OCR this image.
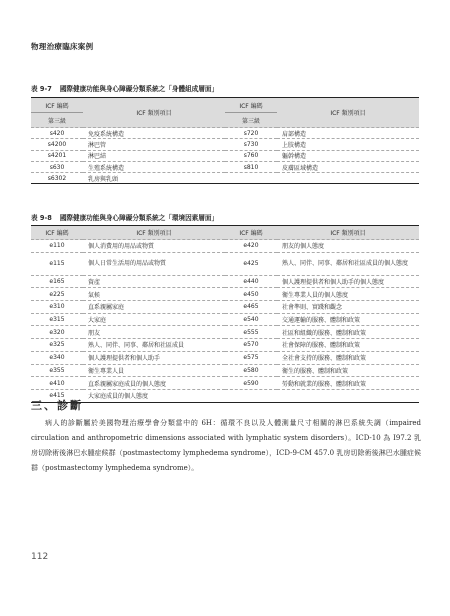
物理治療臨床案例
表 9-7 國際健康功能與身心障礙分類系統之「身體組成層面」
ICF 編碼	ICF 類別項目	ICF 編碼	ICF 類別項目
第三級		第三級	
s420	免疫系統構造	s720	肩部構造
s4200	淋巴管	s730	上肢構造
s4201	淋巴結	s760	軀幹構造
s630	生殖系統構造	s810	皮膚區域構造
s6302	乳房與乳頭		
表 9-8 國際健康功能與身心障礙分類系統之「環境因素層面」
ICF 編碼	ICF 類別項目	ICF 編碼	ICF 類別項目
e110	個人消費用的用品或物質	e420	朋友的個人態度
e115	個人日常生活用的用品或物質	e425	熟人、同伴、同事、鄰居和社區成員的個人態度
e165	資產	e440	個人護理提供者和個人助手的個人態度
e225	氣候	e450	衛生專業人員的個人態度
e310	直系親屬家庭	e465	社會準則、實踐和觀念
e315	大家庭	e540	交通運輸的服務、體制和政策
e320	朋友	e555	社區和組織的服務、體制和政策
e325	熟人、同伴、同事、鄰居和社區成員	e570	社會保障的服務、體制和政策
e340	個人護理提供者和個人助手	e575	全社會支持的服務、體制和政策
e355	衛生專業人員	e580	衛生的服務、體制和政策
e410	直系親屬家庭成員的個人態度	e590	勞動和就業的服務、體制和政策
e415	大家庭成員的個人態度		
三、診斷

病人的診斷屬於美國物理治療學會分類當中的 6H：循環不良以及人體測量尺寸相關的淋巴系統失調（impaired circulation and anthropometric dimensions associated with lymphatic system disorders）。ICD-10 為 I97.2 乳房切除術後淋巴水腫症候群（postmastectomy lymphedema syndrome），ICD-9-CM 457.0 乳房切除術後淋巴水腫症候群（postmastectomy lymphedema syndrome）。

112
